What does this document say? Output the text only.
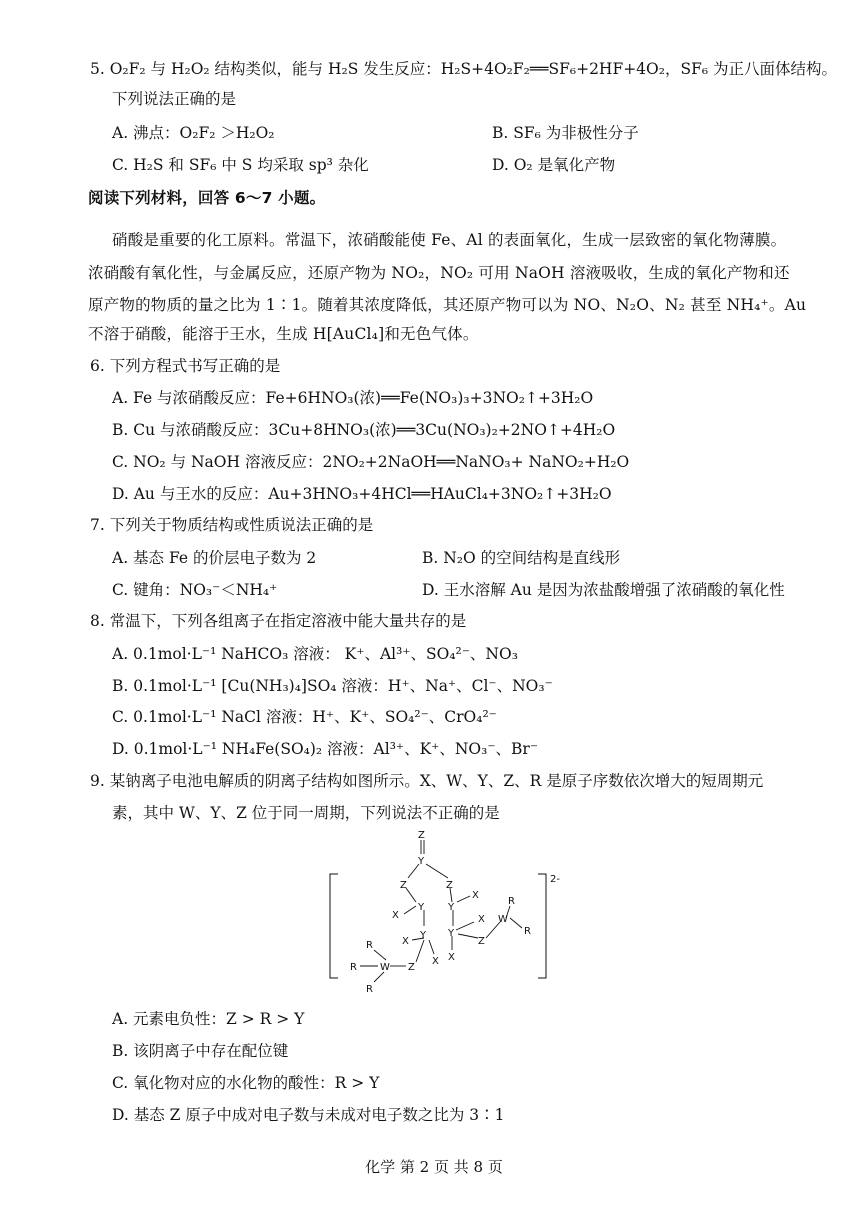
5. O₂F₂ 与 H₂O₂ 结构类似，能与 H₂S 发生反应：H₂S+4O₂F₂══SF₆+2HF+4O₂，SF₆ 为正八面体结构。
下列说法正确的是
A. 沸点：O₂F₂ ＞H₂O₂	B. SF₆ 为非极性分子
C. H₂S 和 SF₆ 中 S 均采取 sp³ 杂化	D. O₂ 是氧化产物
阅读下列材料，回答 6～7 小题。
硝酸是重要的化工原料。常温下，浓硝酸能使 Fe、Al 的表面氧化，生成一层致密的氧化物薄膜。
浓硝酸有氧化性，与金属反应，还原产物为 NO₂，NO₂ 可用 NaOH 溶液吸收，生成的氧化产物和还
原产物的物质的量之比为 1∶1。随着其浓度降低，其还原产物可以为 NO、N₂O、N₂ 甚至 NH₄⁺。Au
不溶于硝酸，能溶于王水，生成 H[AuCl₄]和无色气体。
6. 下列方程式书写正确的是
A. Fe 与浓硝酸反应：Fe+6HNO₃(浓)══Fe(NO₃)₃+3NO₂↑+3H₂O
B. Cu 与浓硝酸反应：3Cu+8HNO₃(浓)══3Cu(NO₃)₂+2NO↑+4H₂O
C. NO₂ 与 NaOH 溶液反应：2NO₂+2NaOH══NaNO₃+ NaNO₂+H₂O
D. Au 与王水的反应：Au+3HNO₃+4HCl══HAuCl₄+3NO₂↑+3H₂O
7. 下列关于物质结构或性质说法正确的是
A. 基态 Fe 的价层电子数为 2	B. N₂O 的空间结构是直线形
C. 键角：NO₃⁻＜NH₄⁺	D. 王水溶解 Au 是因为浓盐酸增强了浓硝酸的氧化性
8. 常温下，下列各组离子在指定溶液中能大量共存的是
A. 0.1mol·L⁻¹ NaHCO₃ 溶液： K⁺、Al³⁺、SO₄²⁻、NO₃
B. 0.1mol·L⁻¹ [Cu(NH₃)₄]SO₄ 溶液：H⁺、Na⁺、Cl⁻、NO₃⁻
C. 0.1mol·L⁻¹ NaCl 溶液：H⁺、K⁺、SO₄²⁻、CrO₄²⁻
D. 0.1mol·L⁻¹ NH₄Fe(SO₄)₂ 溶液：Al³⁺、K⁺、NO₃⁻、Br⁻
9. 某钠离子电池电解质的阴离子结构如图所示。X、W、Y、Z、R 是原子序数依次增大的短周期元
素，其中 W、Y、Z 位于同一周期，下列说法不正确的是
2-
Z
Y
Z	Z
Y Y
X
X
X
Y Y
X
X X
Z
Z
W
R
R
W
R
R
R
A. 元素电负性：Z > R > Y
B. 该阴离子中存在配位键
C. 氧化物对应的水化物的酸性：R > Y
D. 基态 Z 原子中成对电子数与未成对电子数之比为 3∶1
化学 第 2 页 共 8 页
